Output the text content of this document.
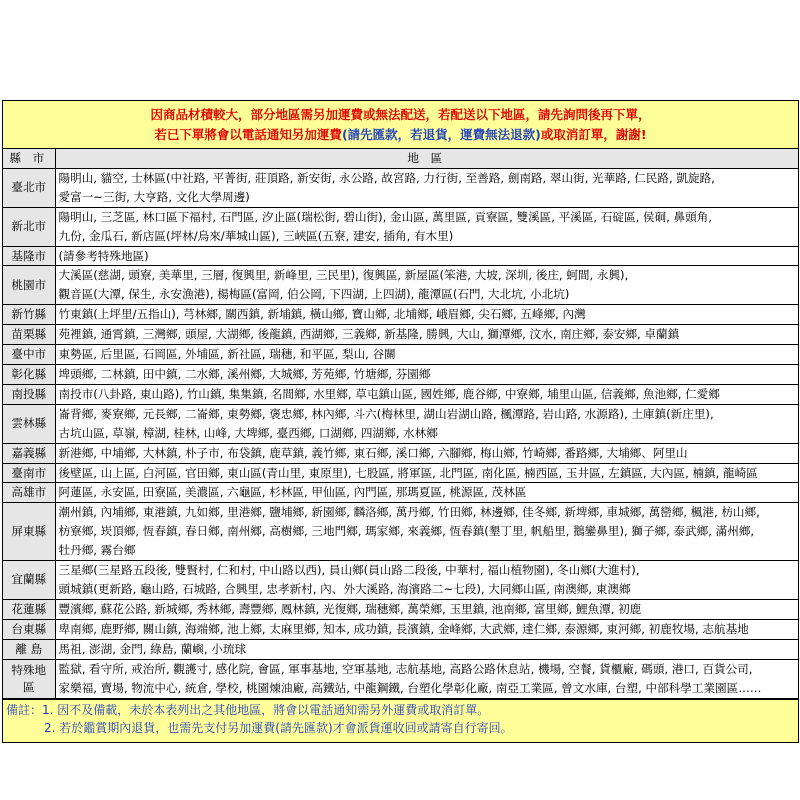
因商品材積較大，部分地區需另加運費或無法配送，若配送以下地區，請先詢問後再下單，
若已下單將會以電話通知另加運費(請先匯款，若退貨，運費無法退款)或取消訂單，謝謝!
縣 市	地 區
臺北市	陽明山, 貓空, 士林區(中社路, 平菁街, 莊頂路, 新安街, 永公路, 故宮路, 力行街, 至善路, 劍南路, 翠山街, 光華路, 仁民路, 凱旋路,
愛富一~三街, 大亨路, 文化大學周邊)

新北市	陽明山, 三芝區, 林口區下福村, 石門區, 汐止區(瑞松街, 碧山街), 金山區, 萬里區, 貢寮區, 雙溪區, 平溪區, 石碇區, 侯硐, 鼻頭角,
九份, 金瓜石, 新店區(坪林/烏來/華城山區), 三峽區(五寮, 建安, 插角, 有木里)

基隆市	(請參考特殊地區)

桃園市	大溪區(慈湖, 頭寮, 美華里, 三層, 復興里, 新峰里, 三民里), 復興區, 新屋區(笨港, 大坡, 深圳, 後庄, 蚵間, 永興),
觀音區(大潭, 保生, 永安漁港), 楊梅區(富岡, 伯公岡, 下四湖, 上四湖), 龍潭區(石門, 大北坑, 小北坑)

新竹縣	竹東鎮(上坪里/五指山), 芎林鄉, 關西鎮, 新埔鎮, 橫山鄉, 寶山鄉, 北埔鄉, 峨眉鄉, 尖石鄉, 五峰鄉, 內灣

苗栗縣	苑裡鎮, 通霄鎮, 三灣鄉, 頭屋, 大湖鄉, 後龍鎮, 西湖鄉, 三義鄉, 新基隆, 勝興, 大山, 獅潭鄉, 汶水, 南庄鄉, 泰安鄉, 卓蘭鎮

臺中市	東勢區, 后里區, 石岡區, 外埔區, 新社區, 瑞穗, 和平區, 梨山, 谷關

彰化縣	埤頭鄉, 二林鎮, 田中鎮, 二水鄉, 溪州鄉, 大城鄉, 芳苑鄉, 竹塘鄉, 芬園鄉

南投縣	南投市(八卦路, 東山路), 竹山鎮, 集集鎮, 名間鄉, 水里鄉, 草屯鎮山區, 國姓鄉, 鹿谷鄉, 中寮鄉, 埔里山區, 信義鄉, 魚池鄉, 仁愛鄉

雲林縣	崙背鄉, 麥寮鄉, 元長鄉, 二崙鄉, 東勢鄉, 褒忠鄉, 林內鄉, 斗六(梅林里, 湖山岩湖山路, 楓潭路, 岩山路, 水源路), 土庫鎮(新庄里),
古坑山區, 草嶺, 樟湖, 桂林, 山峰, 大埤鄉, 臺西鄉, 口湖鄉, 四湖鄉, 水林鄉

嘉義縣	新港鄉, 中埔鄉, 大林鎮, 朴子市, 布袋鎮, 鹿草鎮, 義竹鄉, 東石鄉, 溪口鄉, 六腳鄉, 梅山鄉, 竹崎鄉, 番路鄉, 大埔鄉、阿里山

臺南市	後壁區, 山上區, 白河區, 官田鄉, 東山區(青山里, 東原里), 七股區, 將軍區, 北門區, 南化區, 楠西區, 玉井區, 左鎮區, 大內區, 楠鎮, 龍崎區

高雄市	阿蓮區, 永安區, 田寮區, 美濃區, 六龜區, 杉林區, 甲仙區, 內門區, 那瑪夏區, 桃源區, 茂林區

屏東縣	潮州鎮, 內埔鄉, 東港鎮, 九如鄉, 里港鄉, 鹽埔鄉, 新園鄉, 麟洛鄉, 萬丹鄉, 竹田鄉, 林邊鄉, 佳冬鄉, 新埤鄉, 車城鄉, 萬巒鄉, 楓港, 枋山鄉,
枋寮鄉, 崁頂鄉, 恆春鎮, 春日鄉, 南州鄉, 高樹鄉, 三地門鄉, 瑪家鄉, 來義鄉, 恆春鎮(墾丁里, 帆船里, 鵝鑾鼻里), 獅子鄉, 泰武鄉, 滿州鄉,
牡丹鄉, 霧台鄉

宜蘭縣	三星鄉(三星路五段後, 雙賢村, 仁和村, 中山路以西), 員山鄉(員山路二段後, 中華村, 福山植物園), 冬山鄉(大進村),
頭城鎮(更新路, 龜山路, 石城路, 合興里, 忠孝新村, 內、外大溪路, 海濱路二~七段), 大同鄉山區, 南澳鄉, 東澳鄉

花蓮縣	豐濱鄉, 蘇花公路, 新城鄉, 秀林鄉, 壽豐鄉, 鳳林鎮, 光復鄉, 瑞穗鄉, 萬榮鄉, 玉里鎮, 池南鄉, 富里鄉, 鯉魚潭, 初鹿

台東縣	卑南鄉, 鹿野鄉, 關山鎮, 海端鄉, 池上鄉, 太麻里鄉, 知本, 成功鎮, 長濱鎮, 金峰鄉, 大武鄉, 達仁鄉, 泰源鄉, 東河鄉, 初鹿牧場, 志航基地

離 島	馬祖, 澎湖, 金門, 綠島, 蘭嶼, 小琉球

特殊地區	監獄, 看守所, 戒治所, 觀護寸, 感化院, 會區, 軍事基地, 空軍基地, 志航基地, 高路公路休息站, 機場, 空餐, 貨櫃廠, 碼頭, 港口, 百貨公司,
家樂福, 賣場, 物流中心, 統倉, 學校, 桃園煉油廠, 高鐵站, 中龍鋼鐵, 台塑化學彰化廠, 南亞工業區, 曾文水庫, 台塑, 中部科學工業園區……
備註：1. 因不及備載，未於本表列出之其他地區，將會以電話通知需另外運費或取消訂單。
2. 若於鑑賞期內退貨，也需先支付另加運費(請先匯款)才會派貨運收回或請寄自行寄回。
